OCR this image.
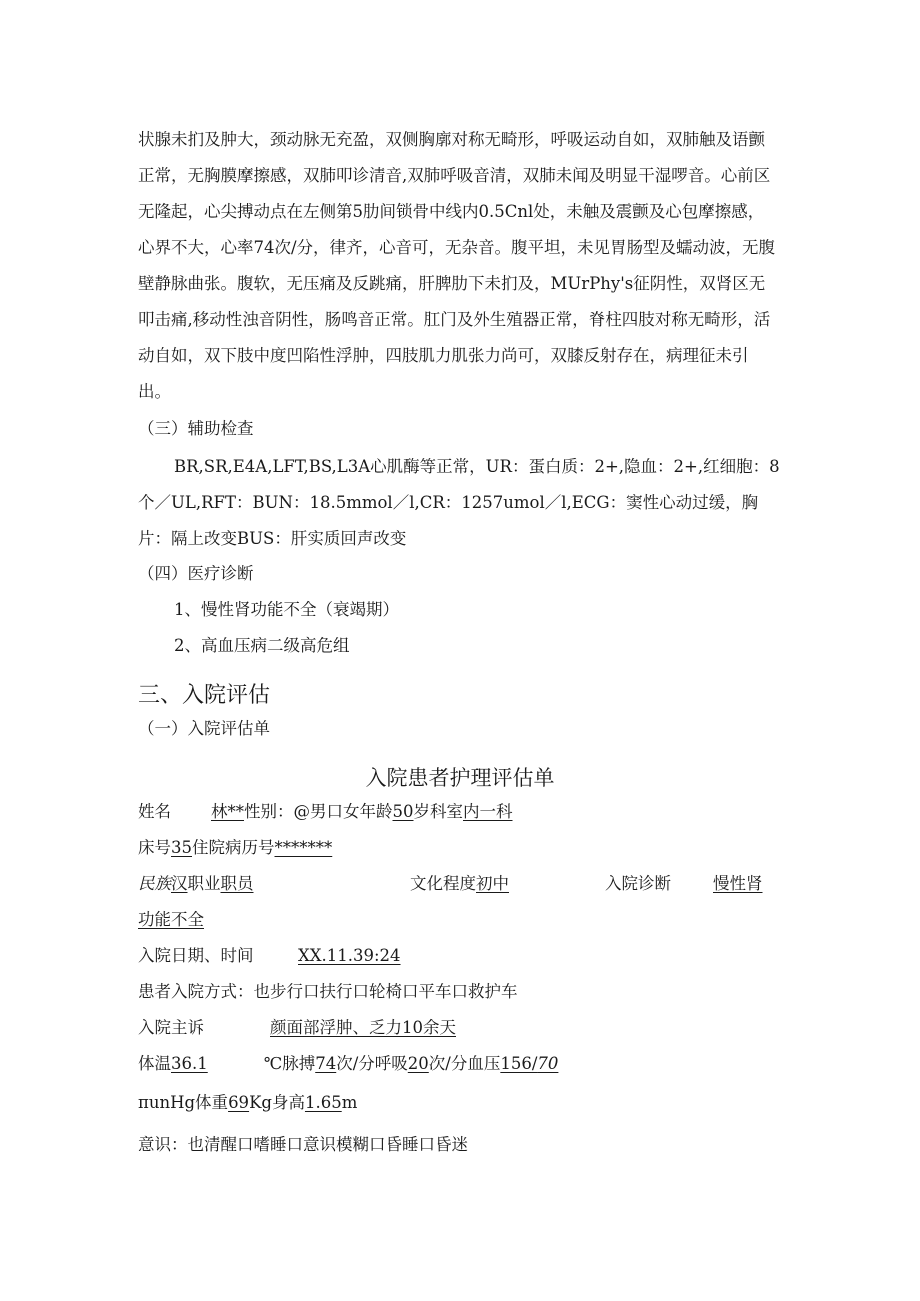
状腺未扪及肿大，颈动脉无充盈，双侧胸廓对称无畸形，呼吸运动自如，双肺触及语颤正常，无胸膜摩擦感，双肺叩诊清音,双肺呼吸音清，双肺未闻及明显干湿啰音。心前区无隆起，心尖搏动点在左侧第5肋间锁骨中线内0.5Cnl处，未触及震颤及心包摩擦感，心界不大，心率74次/分，律齐，心音可，无杂音。腹平坦，未见胃肠型及蠕动波，无腹壁静脉曲张。腹软，无压痛及反跳痛，肝脾肋下未扪及，MUrPhy's征阴性，双肾区无叩击痛,移动性浊音阴性，肠鸣音正常。肛门及外生殖器正常，脊柱四肢对称无畸形，活动自如，双下肢中度凹陷性浮肿，四肢肌力肌张力尚可，双膝反射存在，病理征未引出。
（三）辅助检查
BR,SR,E4A,LFT,BS,L3A心肌酶等正常，UR：蛋白质：2+,隐血：2+,红细胞：8个／UL,RFT：BUN：18.5mmol／l,CR：1257umol／l,ECG：窦性心动过缓，胸片：隔上改变BUS：肝实质回声改变
（四）医疗诊断
1、慢性肾功能不全（衰竭期）
2、高血压病二级高危组
三、入院评估
（一）入院评估单
入院患者护理评估单
姓名 林**性别：@男口女年龄50岁科室内一科
床号35住院病历号*******
民族汉职业职员	文化程度初中	入院诊断	慢性肾
功能不全
入院日期、时间	XX.11.39:24
患者入院方式：也步行口扶行口轮椅口平车口救护车
入院主诉	颜面部浮肿、乏力10余天
体温36.1	℃脉搏74次/分呼吸20次/分血压156/70
πunHg体重69Kg身高1.65m
意识：也清醒口嗜睡口意识模糊口昏睡口昏迷
